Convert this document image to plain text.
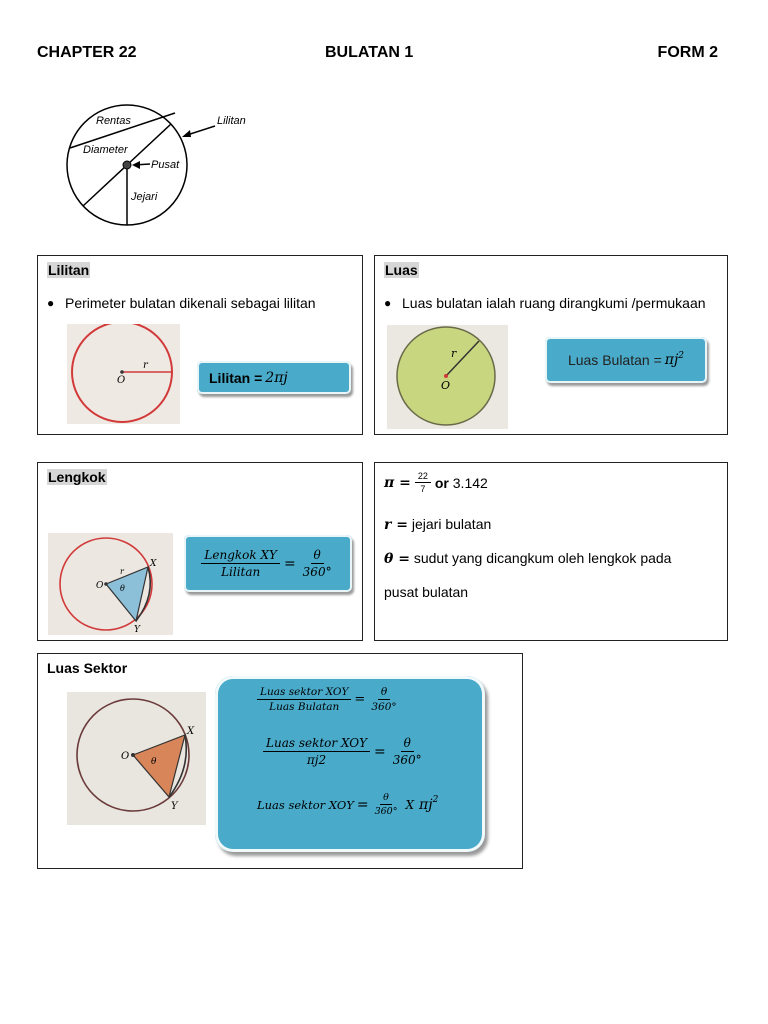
CHAPTER 22	BULATAN 1	FORM 2
Rentas	Lilitan
Diameter
Pusat
Jejari
Lilitan
● Perimeter bulatan dikenali sebagai lilitan
r
O	Lilitan = 2πj
Luas
● Luas bulatan ialah ruang dirangkumi /permukaan
r
O
Luas Bulatan = $\pi j^2$
Lengkok
O
r
X
Y
θ
$\frac{\text{Lengkok XY}}{\text{Lilitan}} = \frac{\theta}{360^\circ}$
$\pi = \frac{22}{7}$ or
3.142
r = jejari bulatan
θ = sudut yang dicangkum oleh lengkok pada
pusat bulatan
Luas Sektor
O
X
Y
θ
$\frac{\text{Luas sektor XOY}}{\text{Luas Bulatan}} = \frac{\theta}{360^\circ}$
$\frac{\text{Luas sektor XOY}}{\pi j2} = \frac{\theta}{360^\circ}$
Luas sektor XOY = $\frac{\theta}{360^\circ}$ X $\pi j^2$
